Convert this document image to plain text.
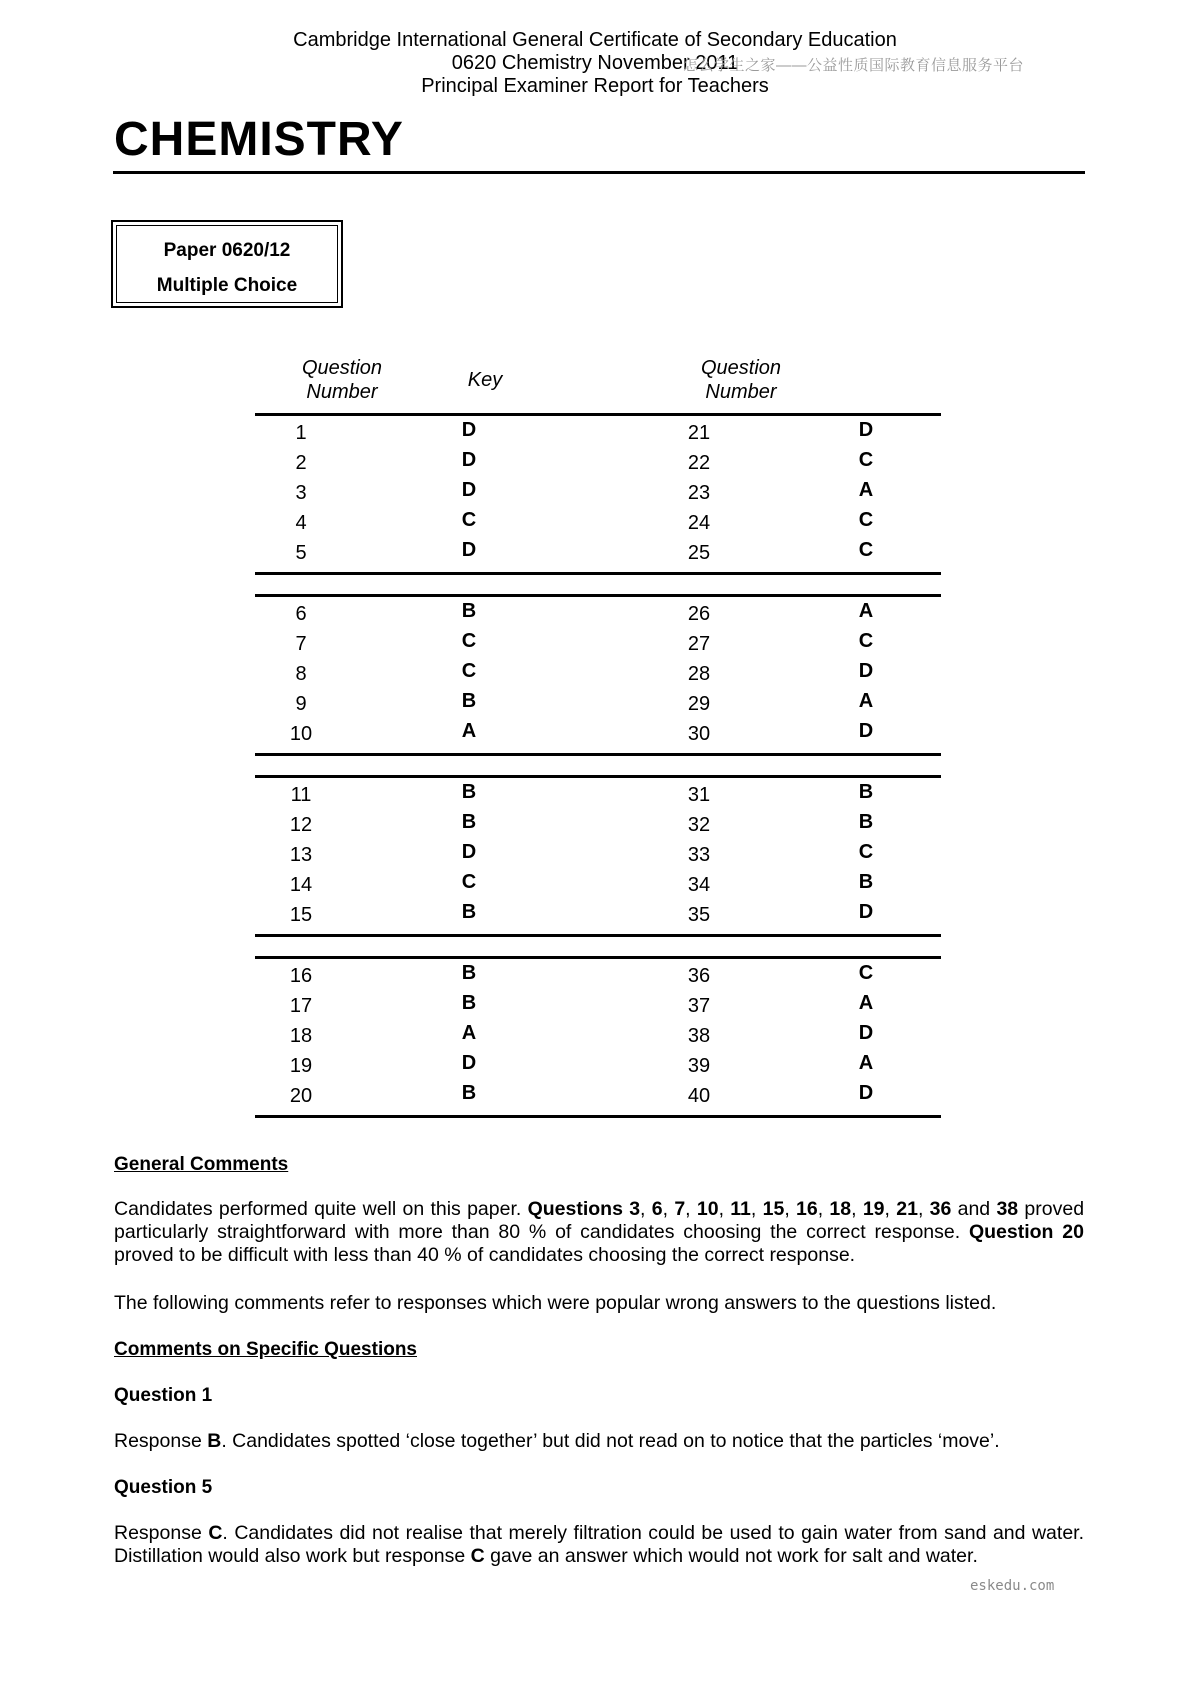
Cambridge International General Certificate of Secondary Education
0620 Chemistry November 2011
Principal Examiner Report for Teachers
怎么学生之家——公益性质国际教育信息服务平台
CHEMISTRY
Paper 0620/12
Multiple Choice
Question
Number
Key
Question
Number
1	D	21	D
2	D	22	C
3	D	23	A
4	C	24	C
5	D	25	C
6	B	26	A
7	C	27	C
8	C	28	D
9	B	29	A
10	A	30	D
11	B	31	B
12	B	32	B
13	D	33	C
14	C	34	B
15	B	35	D
16	B	36	C
17	B	37	A
18	A	38	D
19	D	39	A
20	B	40	D
General Comments
Candidates performed quite well on this paper. Questions 3, 6, 7, 10, 11, 15, 16, 18, 19, 21, 36 and 38 proved particularly straightforward with more than 80 % of candidates choosing the correct response. Question 20 proved to be difficult with less than 40 % of candidates choosing the correct response.
The following comments refer to responses which were popular wrong answers to the questions listed.
Comments on Specific Questions
Question 1
Response B. Candidates spotted ‘close together’ but did not read on to notice that the particles ‘move’.
Question 5
Response C. Candidates did not realise that merely filtration could be used to gain water from sand and water. Distillation would also work but response C gave an answer which would not work for salt and water.
eskedu.com
